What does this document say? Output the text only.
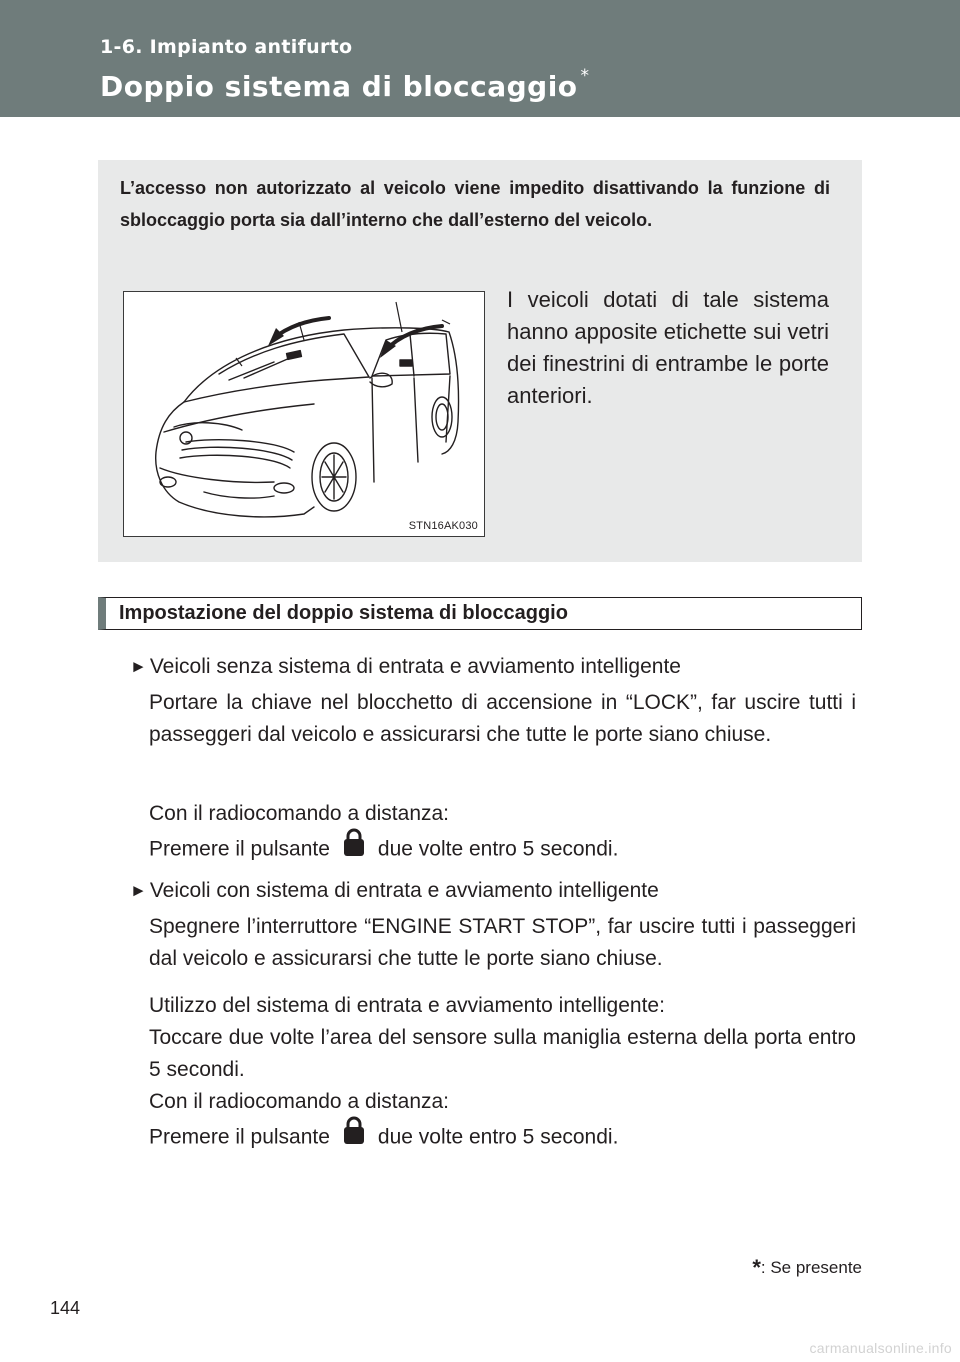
1-6. Impianto antifurto
Doppio sistema di bloccaggio *
L’accesso non autorizzato al veicolo viene impedito disattivando la funzione di sbloccaggio porta sia dall’interno che dall’esterno del veicolo.
STN16AK030
I veicoli dotati di tale sistema hanno apposite etichette sui vetri dei finestrini di entrambe le porte anteriori.
Impostazione del doppio sistema di bloccaggio
► Veicoli senza sistema di entrata e avviamento intelligente
Portare la chiave nel blocchetto di accensione in “LOCK”, far uscire tutti i passeggeri dal veicolo e assicurarsi che tutte le porte siano chiuse.
Con il radiocomando a distanza:
Premere il pulsante due volte entro 5 secondi.
► Veicoli con sistema di entrata e avviamento intelligente
Spegnere l’interruttore “ENGINE START STOP”, far uscire tutti i passeggeri dal veicolo e assicurarsi che tutte le porte siano chiuse.
Utilizzo del sistema di entrata e avviamento intelligente:
Toccare due volte l’area del sensore sulla maniglia esterna della porta entro 5 secondi.
Con il radiocomando a distanza:
Premere il pulsante due volte entro 5 secondi.
*: Se presente
144
carmanualsonline.info
